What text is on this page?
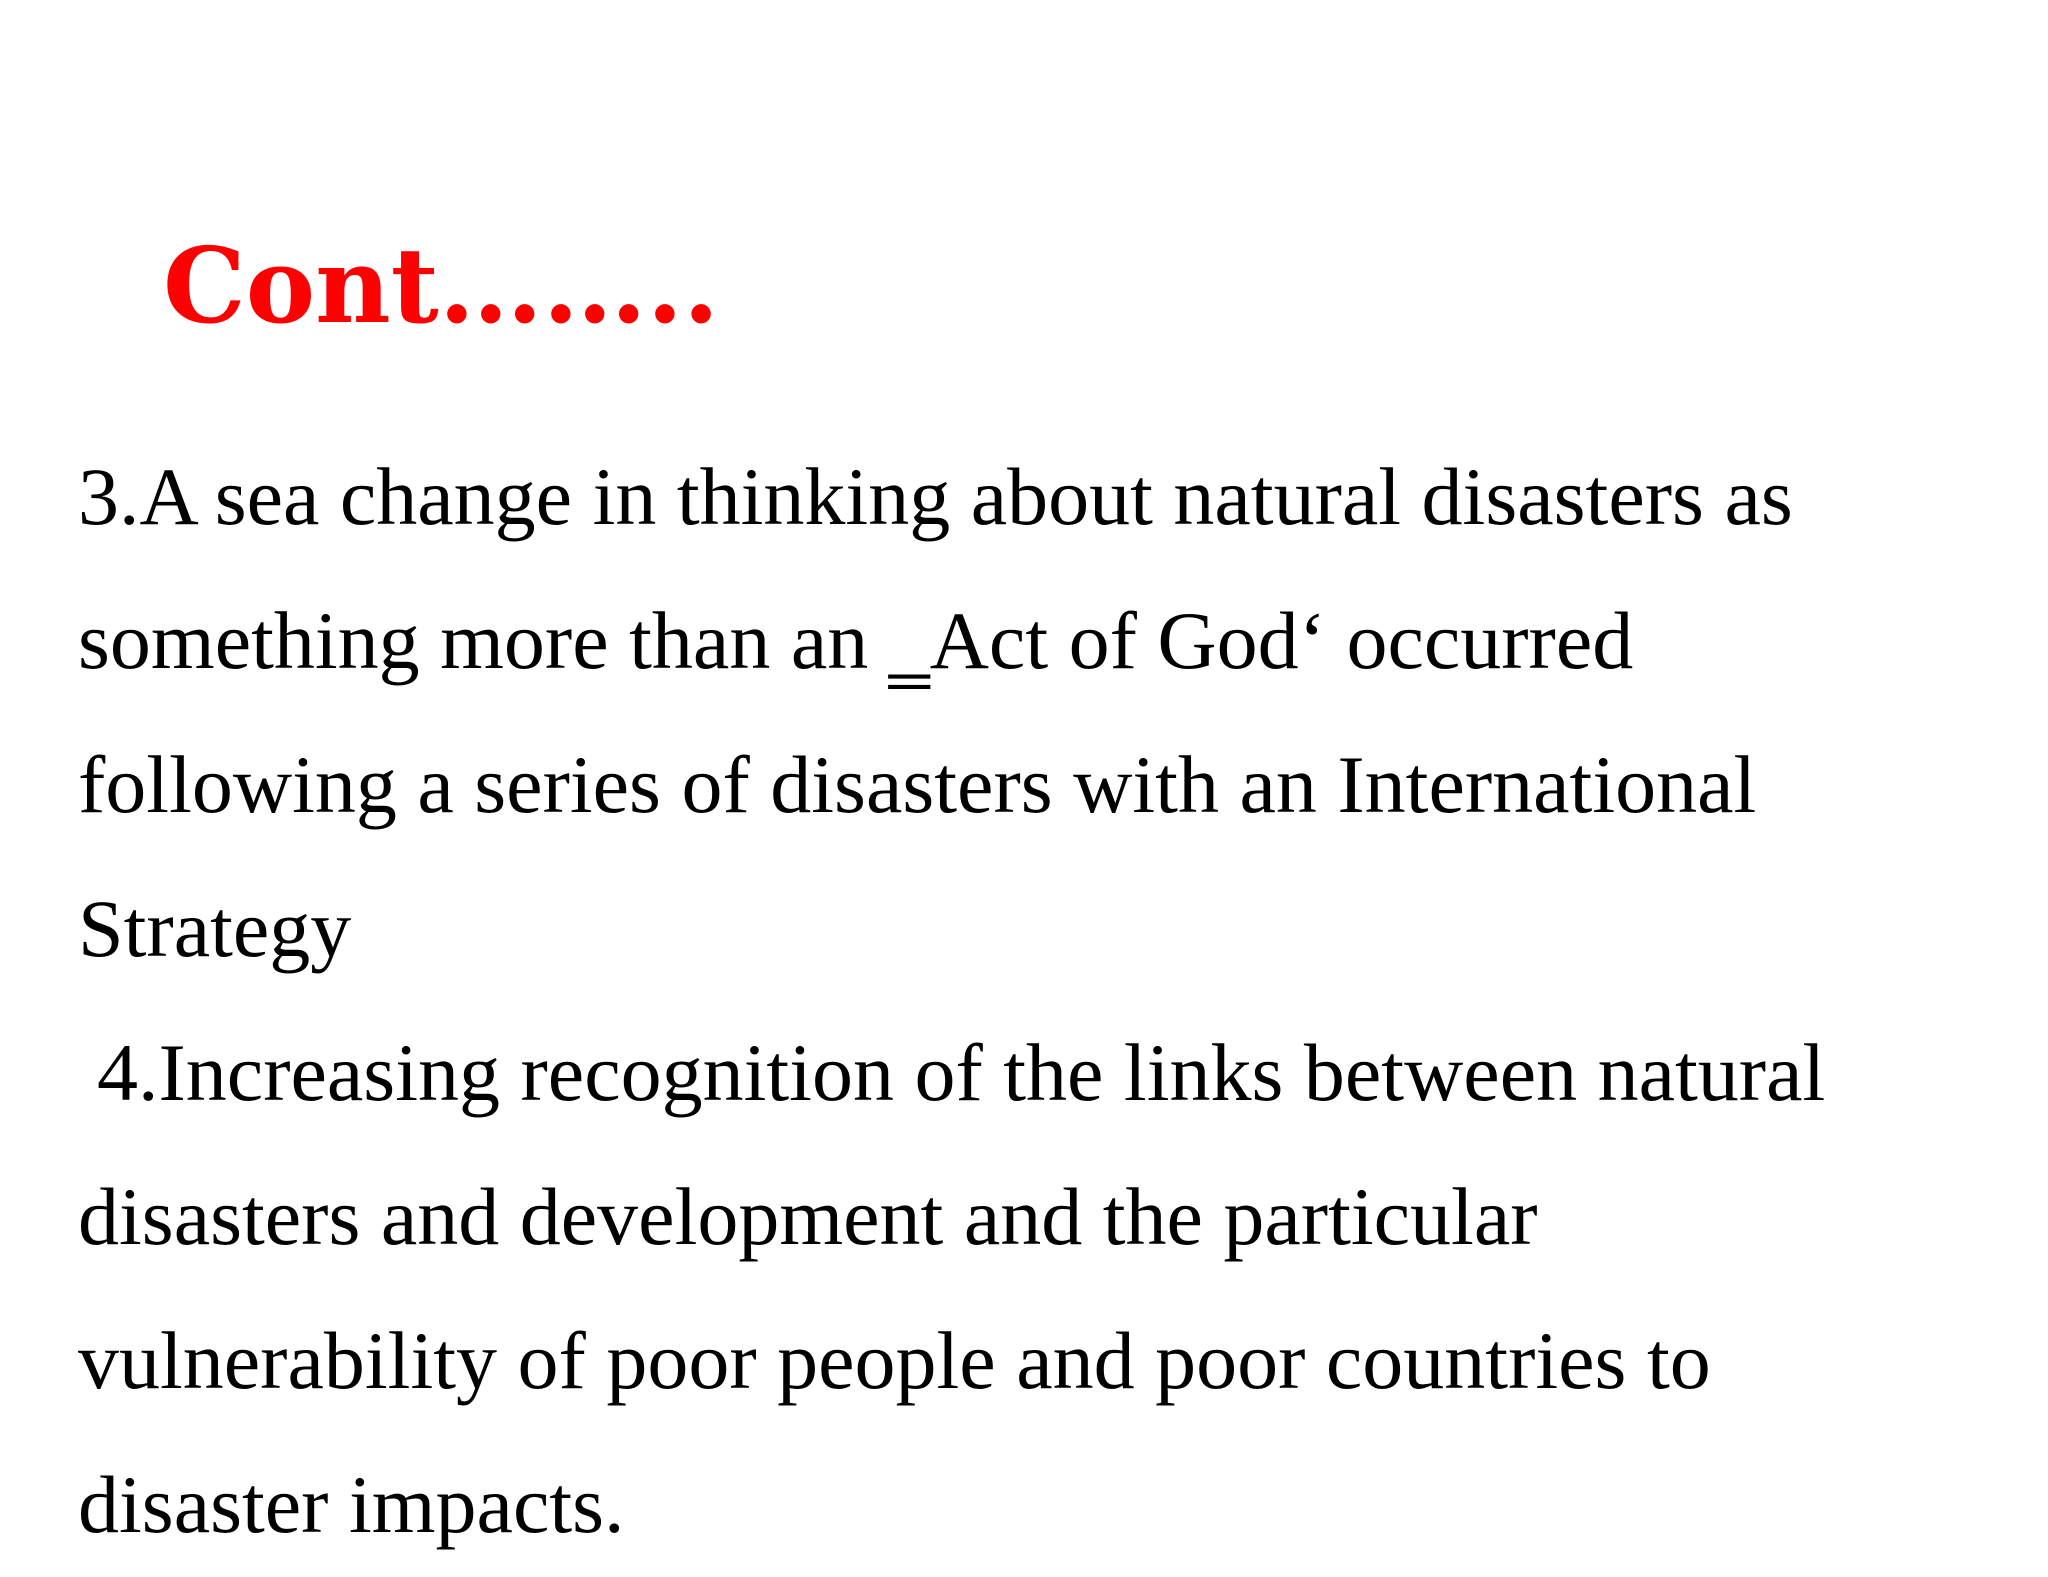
Cont……..
3.A sea change in thinking about natural disasters as
something more than an ‗Act of God‘ occurred
following a series of disasters with an International
Strategy
4.Increasing recognition of the links between natural
disasters and development and the particular
vulnerability of poor people and poor countries to
disaster impacts.
